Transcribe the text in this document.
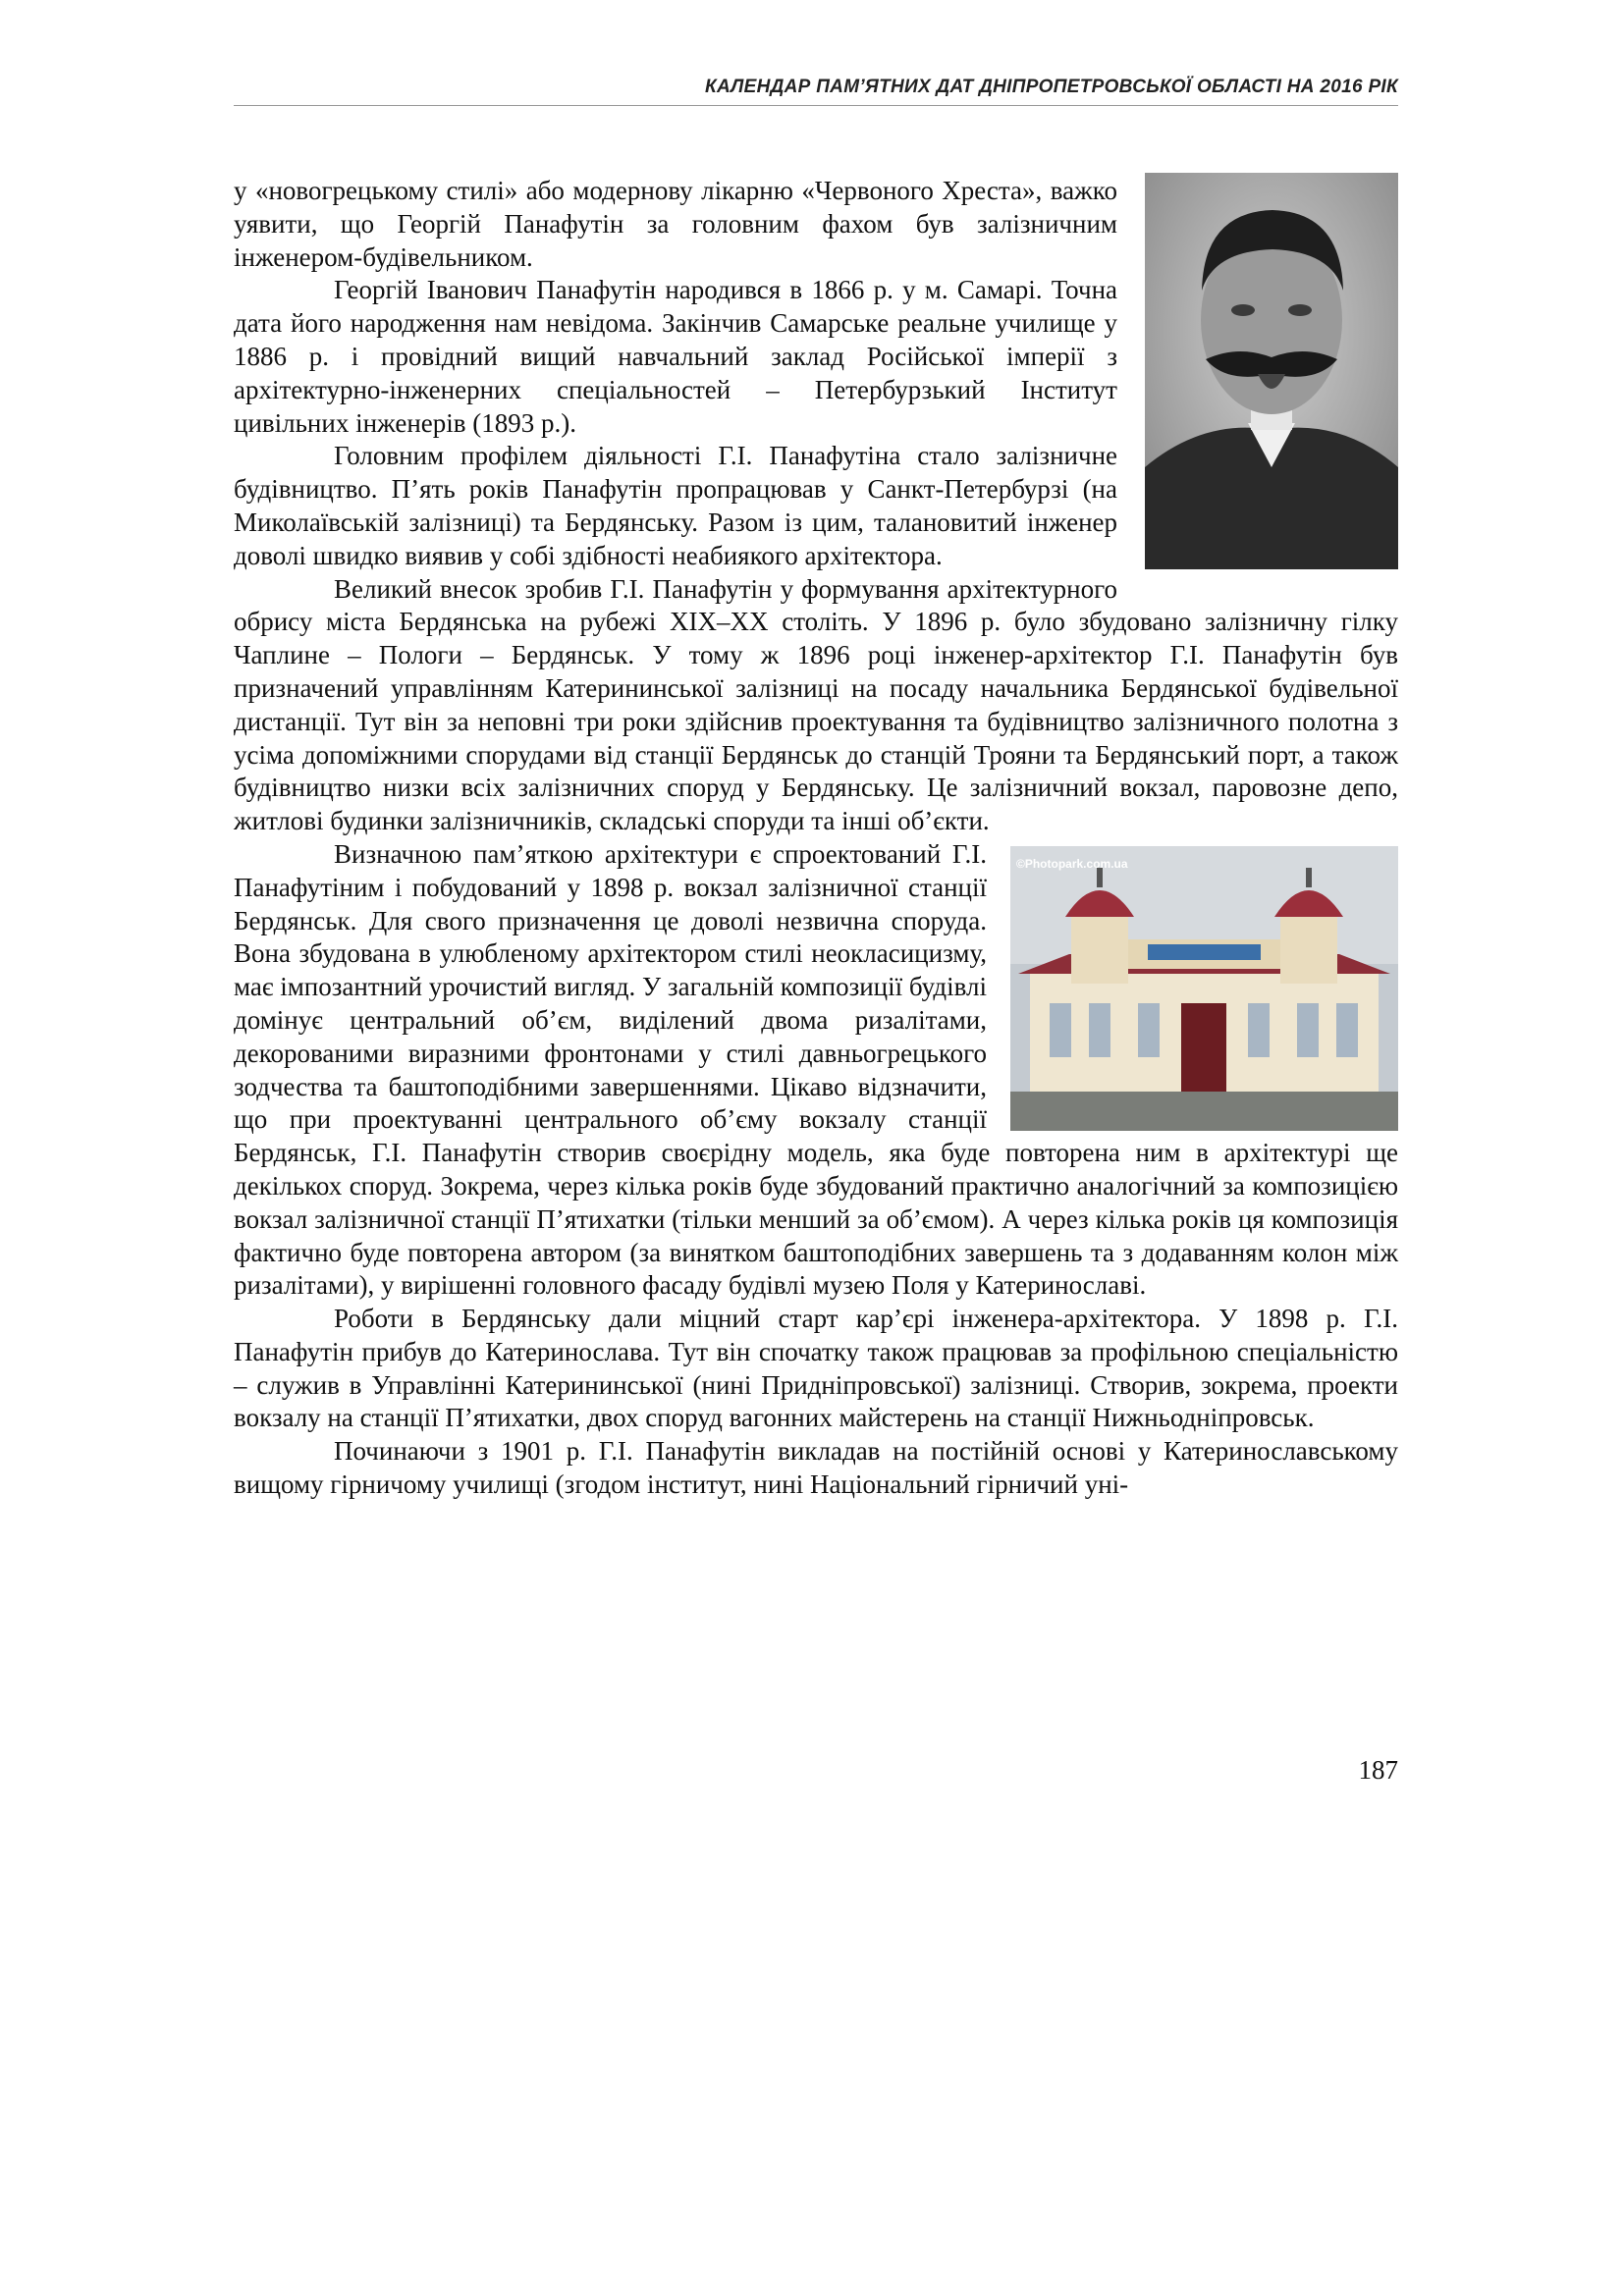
КАЛЕНДАР ПАМ’ЯТНИХ ДАТ ДНІПРОПЕТРОВСЬКОЇ ОБЛАСТІ НА 2016 РІК

у «новогрецькому стилі» або модернову лікарню «Червоного Хреста», важко уявити, що Георгій Панафутін за головним фахом був залізничним інженером-будівельником.

Георгій Іванович Панафутін народився в 1866 р. у м. Самарі. Точна дата його народження нам невідома. Закінчив Самарське реальне училище у 1886 р. і провідний вищий навчальний заклад Російської імперії з архітектурно-інженерних спеціальностей – Петербурзький Інститут цивільних інженерів (1893 р.).

Головним профілем діяльності Г.І. Панафутіна стало залізничне будівництво. П’ять років Панафутін пропрацював у Санкт-Петербурзі (на Миколаївській залізниці) та Бердянську. Разом із цим, талановитий інженер доволі швидко виявив у собі здібності неабиякого архітектора.

Великий внесок зробив Г.І. Панафутін у формування архітектурного обрису міста Бердянська на рубежі XIX–XX століть. У 1896 р. було збудовано залізничну гілку Чаплине – Пологи – Бердянськ. У тому ж 1896 році інженер-архітектор Г.І. Панафутін був призначений управлінням Катерининської залізниці на посаду начальника Бердянської будівельної дистанції. Тут він за неповні три роки здійснив проектування та будівництво залізничного полотна з усіма допоміжними спорудами від станції Бердянськ до станцій Трояни та Бердянський порт, а також будівництво низки всіх залізничних споруд у Бердянську. Це залізничний вокзал, паровозне депо, житлові будинки залізничників, складські споруди та інші об’єкти.

©Photopark.com.ua

Визначною пам’яткою архітектури є спроектований Г.І. Панафутіним і побудований у 1898 р. вокзал залізничної станції Бердянськ. Для свого призначення це доволі незвична споруда. Вона збудована в улюбленому архітектором стилі неокласицизму, має імпозантний урочистий вигляд. У загальній композиції будівлі домінує центральний об’єм, виділений двома ризалітами, декорованими виразними фронтонами у стилі давньогрецького зодчества та баштоподібними завершеннями. Цікаво відзначити, що при проектуванні центрального об’єму вокзалу станції Бердянськ, Г.І. Панафутін створив своєрідну модель, яка буде повторена ним в архітектурі ще декількох споруд. Зокрема, через кілька років буде збудований практично аналогічний за композицією вокзал залізничної станції П’ятихатки (тільки менший за об’ємом). А через кілька років ця композиція фактично буде повторена автором (за винятком баштоподібних завершень та з додаванням колон між ризалітами), у вирішенні головного фасаду будівлі музею Поля у Катеринославі.

Роботи в Бердянську дали міцний старт кар’єрі інженера-архітектора. У 1898 р. Г.І. Панафутін прибув до Катеринослава. Тут він спочатку також працював за профільною спеціальністю – служив в Управлінні Катерининської (нині Придніпровської) залізниці. Створив, зокрема, проекти вокзалу на станції П’ятихатки, двох споруд вагонних майстерень на станції Нижньодніпровськ.

Починаючи з 1901 р. Г.І. Панафутін викладав на постійній основі у Катеринославському вищому гірничому училищі (згодом інститут, нині Національний гірничий уні-

187
